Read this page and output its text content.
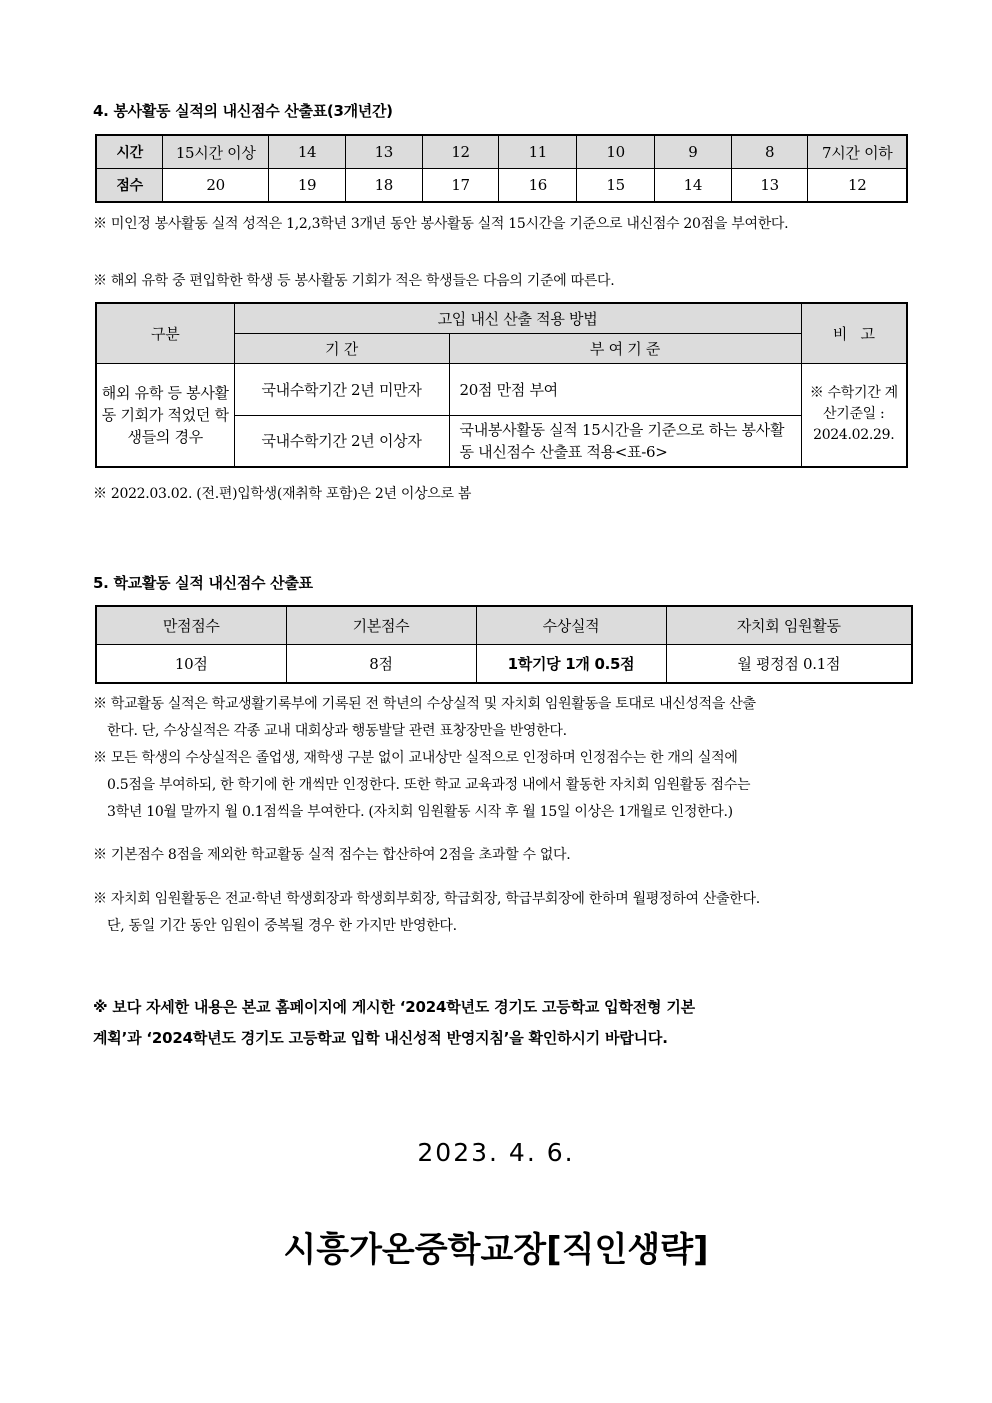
4. 봉사활동 실적의 내신점수 산출표(3개년간)
시간	15시간 이상	14	13	12	11	10	9	8	7시간 이하
점수	20	19	18	17	16	15	14	13	12
※ 미인정 봉사활동 실적 성적은 1,2,3학년 3개년 동안 봉사활동 실적 15시간을 기준으로 내신점수 20점을 부여한다.
※ 해외 유학 중 편입학한 학생 등 봉사활동 기회가 적은 학생들은 다음의 기준에 따른다.
구분	고입 내신 산출 적용 방법		비   고
	기 간	부 여 기 준	
해외 유학 등 봉사활동 기회가 적었던 학생들의 경우	국내수학기간 2년 미만자	20점 만점 부여	※ 수학기간 계산기준일 : 2024.02.29.
	국내수학기간 2년 이상자	국내봉사활동 실적 15시간을 기준으로 하는 봉사활동 내신점수 산출표 적용<표-6>	
※ 2022.03.02. (전.편)입학생(재취학 포함)은 2년 이상으로 봄
5. 학교활동 실적 내신점수 산출표
만점점수	기본점수	수상실적	자치회 임원활동
10점	8점	1학기당 1개 0.5점	월 평정점 0.1점
※ 학교활동 실적은 학교생활기록부에 기록된 전 학년의 수상실적 및 자치회 임원활동을 토대로 내신성적을 산출
한다. 단, 수상실적은 각종 교내 대회상과 행동발달 관련 표창장만을 반영한다.
※ 모든 학생의 수상실적은 졸업생, 재학생 구분 없이 교내상만 실적으로 인정하며 인정점수는 한 개의 실적에
0.5점을 부여하되, 한 학기에 한 개씩만 인정한다. 또한 학교 교육과정 내에서 활동한 자치회 임원활동 점수는
3학년 10월 말까지 월 0.1점씩을 부여한다. (자치회 임원활동 시작 후 월 15일 이상은 1개월로 인정한다.)
※ 기본점수 8점을 제외한 학교활동 실적 점수는 합산하여 2점을 초과할 수 없다.
※ 자치회 임원활동은 전교·학년 학생회장과 학생회부회장, 학급회장, 학급부회장에 한하며 월평정하여 산출한다.
단, 동일 기간 동안 임원이 중복될 경우 한 가지만 반영한다.
※ 보다 자세한 내용은 본교 홈페이지에 게시한 ‘2024학년도 경기도 고등학교 입학전형 기본
계획’과 ‘2024학년도 경기도 고등학교 입학 내신성적 반영지침’을 확인하시기 바랍니다.
2023. 4. 6.
시흥가온중학교장[직인생략]
